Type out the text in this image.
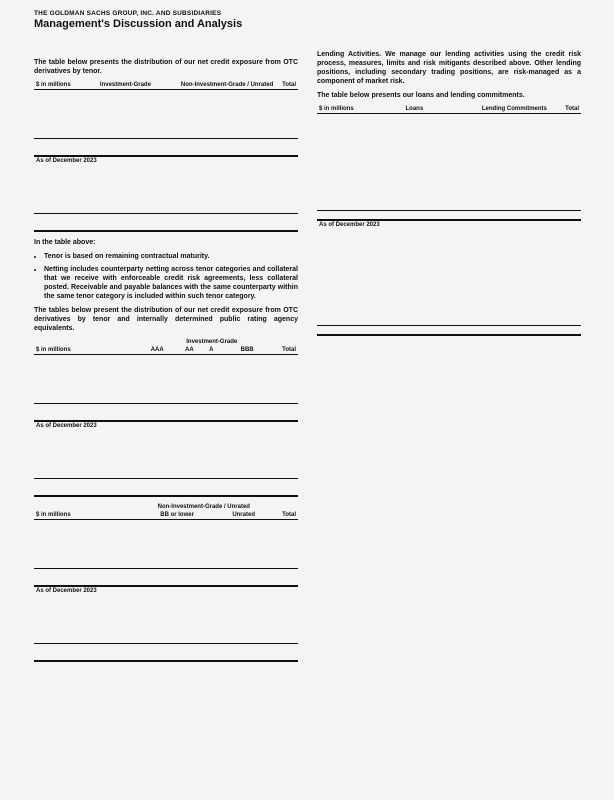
THE GOLDMAN SACHS GROUP, INC. AND SUBSIDIARIES
Management's Discussion and Analysis

The table below presents the distribution of our net credit exposure from OTC derivatives by tenor.

$ in millions	Investment-Grade	Non-Investment-Grade / Unrated	Total

As of December 2023			

In the table above:

• Tenor is based on remaining contractual maturity.
• Netting includes counterparty netting across tenor categories and collateral that we receive with enforceable credit risk agreements, less collateral posted. Receivable and payable balances with the same counterparty within the same tenor category is included within such tenor category.

The tables below present the distribution of our net credit exposure from OTC derivatives by tenor and internally determined public rating agency equivalents.

	Investment-Grade				
$ in millions	AAA	AA	A	BBB	Total

As of December 2023					

	Non-Investment-Grade / Unrated		
$ in millions	BB or lower	Unrated	Total

As of December 2023			

Lending Activities. We manage our lending activities using the credit risk process, measures, limits and risk mitigants described above. Other lending positions, including secondary trading positions, are risk-managed as a component of market risk.

The table below presents our loans and lending commitments.

$ in millions	Loans	Lending Commitments	Total

As of December 2023			
